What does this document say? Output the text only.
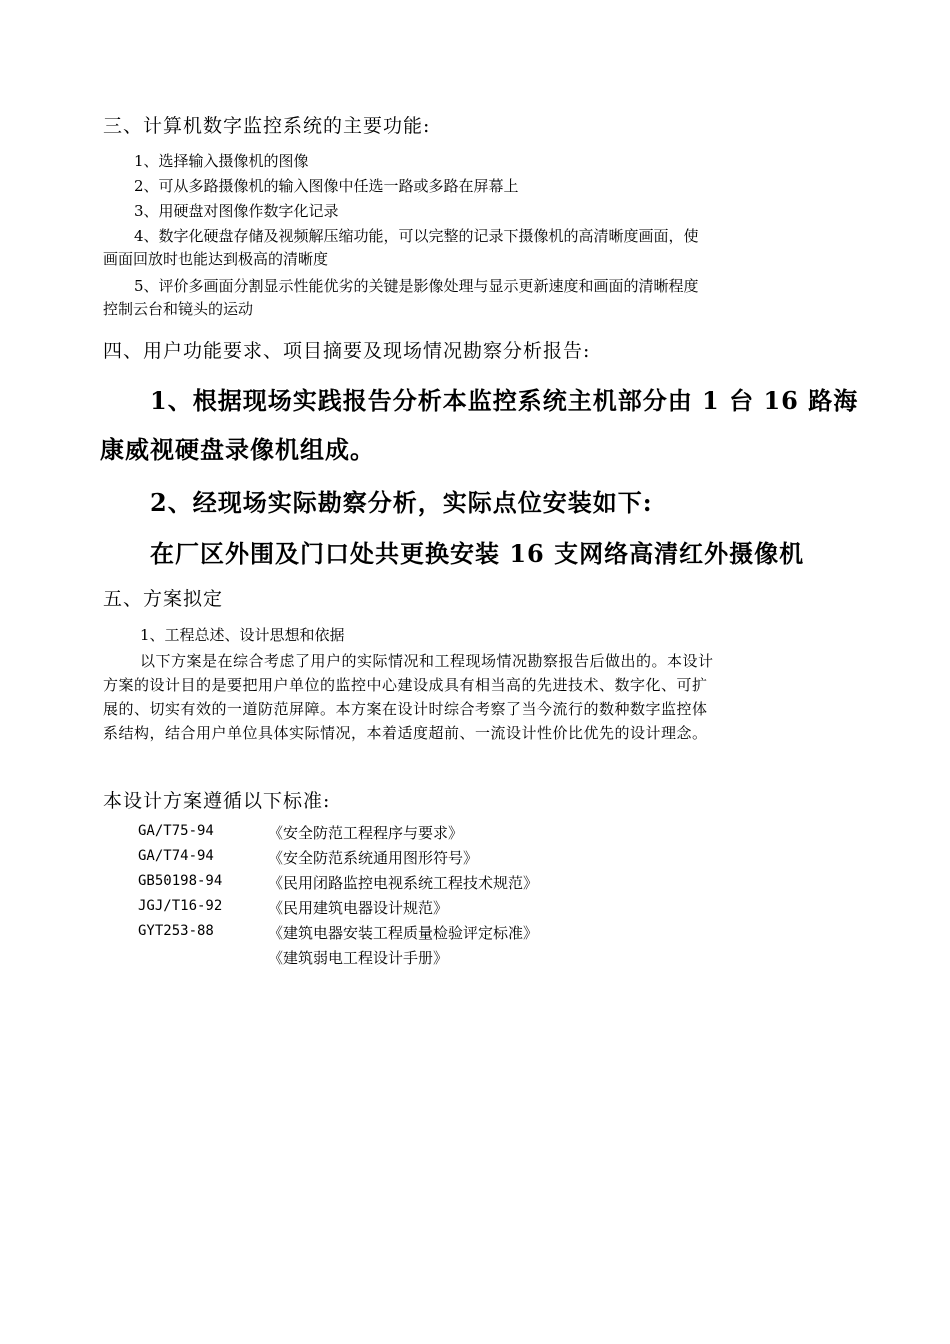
三、计算机数字监控系统的主要功能:
1、选择输入摄像机的图像
2、可从多路摄像机的输入图像中任选一路或多路在屏幕上
3、用硬盘对图像作数字化记录
4、数字化硬盘存储及视频解压缩功能，可以完整的记录下摄像机的高清晰度画面，使
画面回放时也能达到极高的清晰度
5、评价多画面分割显示性能优劣的关键是影像处理与显示更新速度和画面的清晰程度
控制云台和镜头的运动
四、用户功能要求、项目摘要及现场情况勘察分析报告:
1、根据现场实践报告分析本监控系统主机部分由 1 台 16 路海
康威视硬盘录像机组成。
2、经现场实际勘察分析，实际点位安装如下:
在厂区外围及门口处共更换安装 16 支网络高清红外摄像机
五、方案拟定
1、工程总述、设计思想和依据
以下方案是在综合考虑了用户的实际情况和工程现场情况勘察报告后做出的。本设计
方案的设计目的是要把用户单位的监控中心建设成具有相当高的先进技术、数字化、可扩
展的、切实有效的一道防范屏障。本方案在设计时综合考察了当今流行的数种数字监控体
系结构，结合用户单位具体实际情况，本着适度超前、一流设计性价比优先的设计理念。
本设计方案遵循以下标准:
GA/T75-94	《安全防范工程程序与要求》
GA/T74-94	《安全防范系统通用图形符号》
GB50198-94	《民用闭路监控电视系统工程技术规范》
JGJ/T16-92	《民用建筑电器设计规范》
GYT253-88	《建筑电器安装工程质量检验评定标准》
《建筑弱电工程设计手册》
